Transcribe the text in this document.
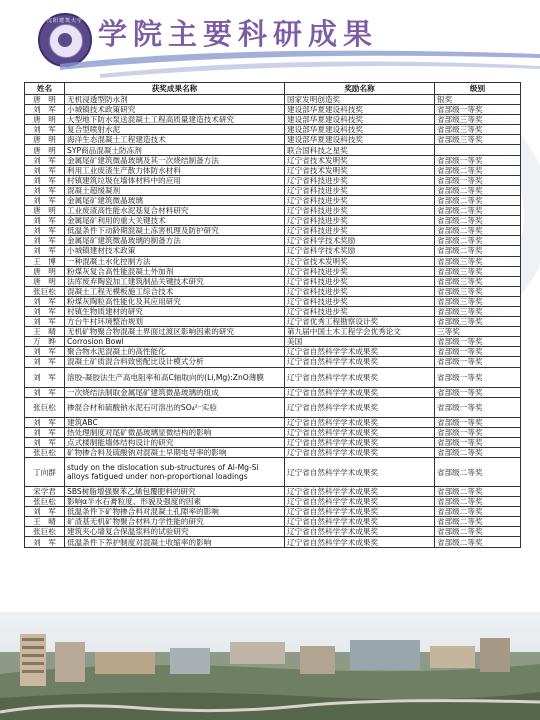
沈阳建筑大学 学院主要科研成果
姓名	获奖成果名称	奖励名称	级别
唐　明	无机浸透型防水剂	国家发明创造奖	银奖
刘　军	小城镇技术政策研究	建设部华夏建设科技奖	省部级一等奖
唐　明	大型地下防水泵送混凝土工程高质量建造技术研究	建设部华夏建设科技奖	省部级三等奖
刘　军	复合型喷射水泥	建设部华夏建设科技奖	省部级三等奖
唐　明	海洋生态混凝土工程建造技术	建设部华夏建设科技奖	省部级三等奖
唐　明	SYP商品混凝土防冻剂	联合国科技之星奖	
刘　军	金属尾矿建筑微晶玻璃及其一次烧结制备方法	辽宁省技术发明奖	省部级一等奖
刘　军	利用工业废渣生产散力体防水材料	辽宁省技术发明奖	省部级二等奖
刘　军	村镇建筑垃圾在墙体材料中的应用	辽宁省科技进步奖	省部级一等奖
刘　军	混凝土超缓凝剂	辽宁省科技进步奖	省部级二等奖
刘　军	金属尾矿建筑微晶玻璃	辽宁省科技进步奖	省部级二等奖
唐　明	工业废渣高性能水泥基复合材料研究	辽宁省科技进步奖	省部级二等奖
刘　军	金属尾矿利用的重大关键技术	辽宁省科技进步奖	省部级二等奖
刘　军	低温条件下动龄期混凝土冻害机理及防护研究	辽宁省科技进步奖	省部级二等奖
刘　军	金属尾矿建筑微晶玻璃的制备方法	辽宁省科学技术奖励	省部级二等奖
刘　军	小城镇建材技术政策	辽宁省科学技术奖励	省部级二等奖
王　博	一种混凝土水化控制方法	辽宁省技术发明奖	省部级三等奖
唐　明	粉煤灰复合高性能混凝土外加剂	辽宁省科技进步奖	省部级三等奖
唐　明	法库废弃陶瓷加工建筑制品关键技术研究	辽宁省科技进步奖	省部级三等奖
张巨松	混凝土工程无模板施工综合技术	辽宁省科技进步奖	省部级三等奖
刘　军	粉煤灰陶粒高性能化及其应用研究	辽宁省科技进步奖	省部级三等奖
刘　军	村镇生物质建材的研究	辽宁省科技进步奖	省部级三等奖
刘　军	方台牛村环境整治规划	辽宁省优秀工程勘察设计奖	省部级三等奖
王　晴	无机矿物聚合物混凝土界面过渡区影响因素的研究	第九届中国土木工程学会优秀论文	三等奖
万　晔	Corrosion Bowl	美国	省部级一等奖
刘　军	聚合物水泥混凝土的高性能化	辽宁省自然科学学术成果奖	省部级一等奖
刘　军	混凝土矿质混合料致密配比设计模式分析	辽宁省自然科学学术成果奖	省部级一等奖
刘　军	溶胶-凝胶法生产高电阻率和高C轴取向的(Li,Mg):ZnO薄膜	辽宁省自然科学学术成果奖	省部级一等奖
刘　军	一次烧结法制取金属尾矿建筑微晶玻璃的组成	辽宁省自然科学学术成果奖	省部级一等奖
张巨松	掺混合材和硫酸钠水泥石可溶出的SO₄²⁻实验	辽宁省自然科学学术成果奖	省部级一等奖
刘　军	建筑ABC	辽宁省自然科学学术成果奖	省部级一等奖
刘　军	热处理制度对尾矿微晶玻璃显微结构的影响	辽宁省自然科学学术成果奖	省部级一等奖
刘　军	点式楼制能墙体结构设计的研究	辽宁省自然科学学术成果奖	省部级一等奖
张巨松	矿物掺合料及硫酸钠对混凝土早期电导率的影响	辽宁省自然科学学术成果奖	省部级二等奖
丁向群	study on the dislocation sub-structures of Al-Mg-Si alloys fatigued under non-proportional loadings	辽宁省自然科学学术成果奖	省部级二等奖
宋学君	SBS树脂增强聚苯乙烯包覆肥料的研究	辽宁省自然科学学术成果奖	省部级二等奖
张巨松	影响α半水石膏粒度、形貌及强度的因素	辽宁省自然科学学术成果奖	省部级二等奖
刘　军	低温条件下矿物掺合料对混凝土孔隙率的影响	辽宁省自然科学学术成果奖	省部级二等奖
王　晴	矿渣基无机矿物聚合材料力学性能的研究	辽宁省自然科学学术成果奖	省部级二等奖
张巨松	建筑夹心墙复合保温浆料的试验研究	辽宁省自然科学学术成果奖	省部级二等奖
刘　军	低温条件下养护制度对混凝土收缩率的影响	辽宁省自然科学学术成果奖	省部级二等奖
